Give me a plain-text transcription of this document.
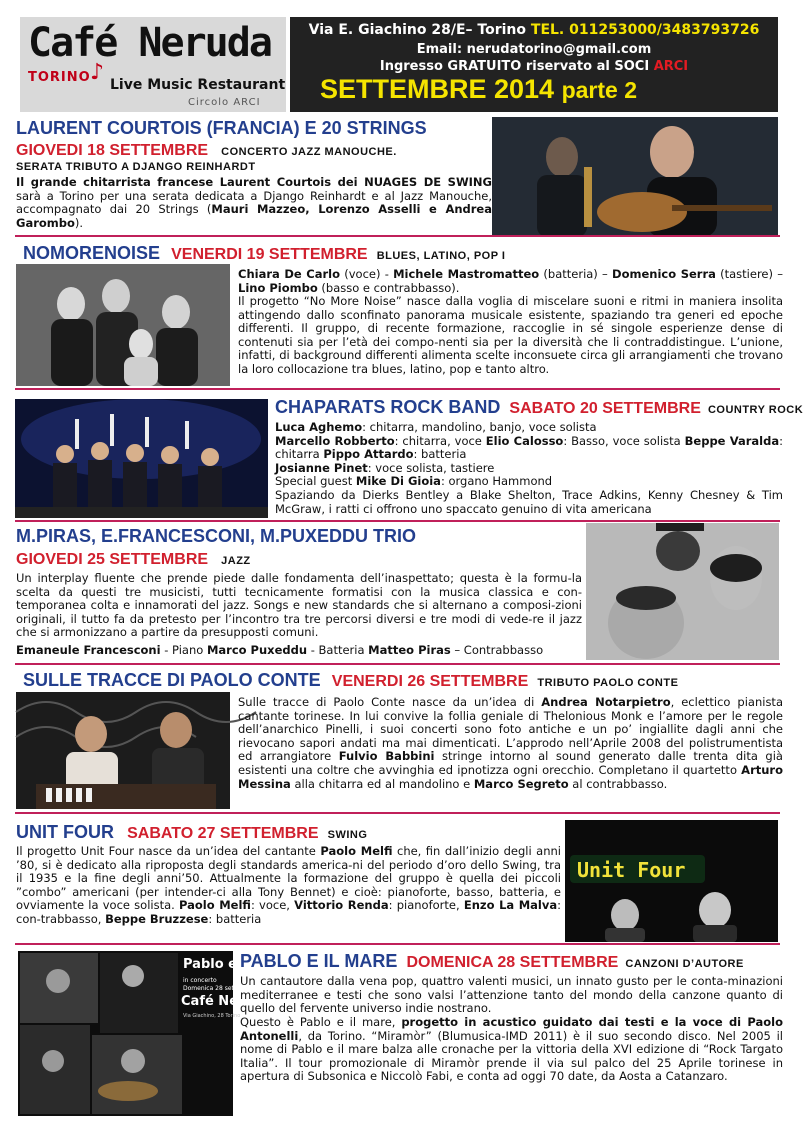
Café Neruda
TORINO ♪ Live Music Restaurant
Circolo ARCI
Via E. Giachino 28/E– Torino TEL. 011253000/3483793726
Email: nerudatorino@gmail.com
Ingresso GRATUITO riservato al SOCI ARCI
SETTEMBRE 2014 parte 2
LAURENT COURTOIS (FRANCIA) E 20 STRINGS
GIOVEDI 18 SETTEMBRE CONCERTO JAZZ MANOUCHE.
SERATA TRIBUTO A DJANGO REINHARDT
Il grande chitarrista francese Laurent Courtois dei NUAGES DE SWING sarà a Torino per una serata dedicata a Django Reinhardt e al Jazz Manouche, accompagnato dai 20 Strings (Mauri Mazzeo, Lorenzo Asselli e Andrea Garombo).
NOMORENOISE VENERDI 19 SETTEMBRE BLUES, LATINO, POP I
Chiara De Carlo (voce) - Michele Mastromatteo (batteria) – Domenico Serra (tastiere) – Lino Piombo (basso e contrabbasso).
Il progetto “No More Noise” nasce dalla voglia di miscelare suoni e ritmi in maniera insolita attingendo dallo sconfinato panorama musicale esistente, spaziando tra generi ed epoche differenti. Il gruppo, di recente formazione, raccoglie in sé singole esperienze dense di contenuti sia per l’età dei compo-nenti sia per la diversità che li contraddistingue. L’unione, infatti, di background differenti alimenta scelte inconsuete circa gli arrangiamenti che trovano la loro collocazione tra blues, latino, pop e tanto altro.
CHAPARATS ROCK BAND SABATO 20 SETTEMBRE COUNTRY ROCK
Luca Aghemo: chitarra, mandolino, banjo, voce solista
Marcello Robberto: chitarra, voce Elio Calosso: Basso, voce solista Beppe Varalda: chitarra Pippo Attardo: batteria
Josianne Pinet: voce solista, tastiere
Special guest Mike Di Gioia: organo Hammond
Spaziando da Dierks Bentley a Blake Shelton, Trace Adkins, Kenny Chesney & Tim McGraw, i ratti ci offrono uno spaccato genuino di vita americana
M.PIRAS, E.FRANCESCONI, M.PUXEDDU TRIO
GIOVEDI 25 SETTEMBRE JAZZ
Un interplay fluente che prende piede dalle fondamenta dell’inaspettato; questa è la formu-la scelta da questi tre musicisti, tutti tecnicamente formatisi con la musica classica e con-temporanea colta e innamorati del jazz. Songs e new standards che si alternano a composi-zioni originali, il tutto fa da pretesto per l’incontro tra tre percorsi diversi e tre modi di vede-re il jazz che si armonizzano a partire da presupposti comuni.
Emaneule Francesconi - Piano Marco Puxeddu - Batteria Matteo Piras – Contrabbasso
SULLE TRACCE DI PAOLO CONTE VENERDI 26 SETTEMBRE TRIBUTO PAOLO CONTE
Sulle tracce di Paolo Conte nasce da un’idea di Andrea Notarpietro, eclettico pianista cantante torinese. In lui convive la follia geniale di Thelonious Monk e l’amore per le regole dell’anarchico Pinelli, i suoi concerti sono foto antiche e un po’ ingiallite dagli anni che rievocano sapori andati ma mai dimenticati. L’approdo nell’Aprile 2008 del polistrumentista ed arrangiatore Fulvio Babbini stringe intorno al sound generato dalle trenta dita già esistenti una coltre che avvinghia ed ipnotizza ogni orecchio. Completano il quartetto Arturo Messina alla chitarra ed al mandolino e Marco Segreto al contrabbasso.
UNIT FOUR SABATO 27 SETTEMBRE SWING
Il progetto Unit Four nasce da un’idea del cantante Paolo Melfi che, fin dall’inizio degli anni ’80, si è dedicato alla riproposta degli standards america-ni del periodo d’oro dello Swing, tra il 1935 e la fine degli anni’50. Attualmente la formazione del gruppo è quella dei piccoli ”combo” americani (per intender-ci alla Tony Bennet) e cioè: pianoforte, basso, batteria, e ovviamente la voce solista. Paolo Melfi: voce, Vittorio Renda: pianoforte, Enzo La Malva: con-trabbasso, Beppe Bruzzese: batteria
Unit Four
Pablo e i
in concerto
Domenica 28 settembre
Café Neru
Via Giachino, 28 Torino
PABLO E IL MARE DOMENICA 28 SETTEMBRE CANZONI D’AUTORE
Un cantautore dalla vena pop, quattro valenti musici, un innato gusto per le conta-minazioni mediterranee e testi che sono valsi l’attenzione tanto del mondo della canzone quanto di quello del fervente universo indie nostrano.
Questo è Pablo e il mare, progetto in acustico guidato dai testi e la voce di Paolo Antonelli, da Torino. “Miramòr” (Blumusica-IMD 2011) è il suo secondo disco. Nel 2005 il nome di Pablo e il mare balza alle cronache per la vittoria della XVI edizione di “Rock Targato Italia”. Il tour promozionale di Miramòr prende il via sul palco del 25 Aprile torinese in apertura di Subsonica e Niccolò Fabi, e conta ad oggi 70 date, da Aosta a Catanzaro.
